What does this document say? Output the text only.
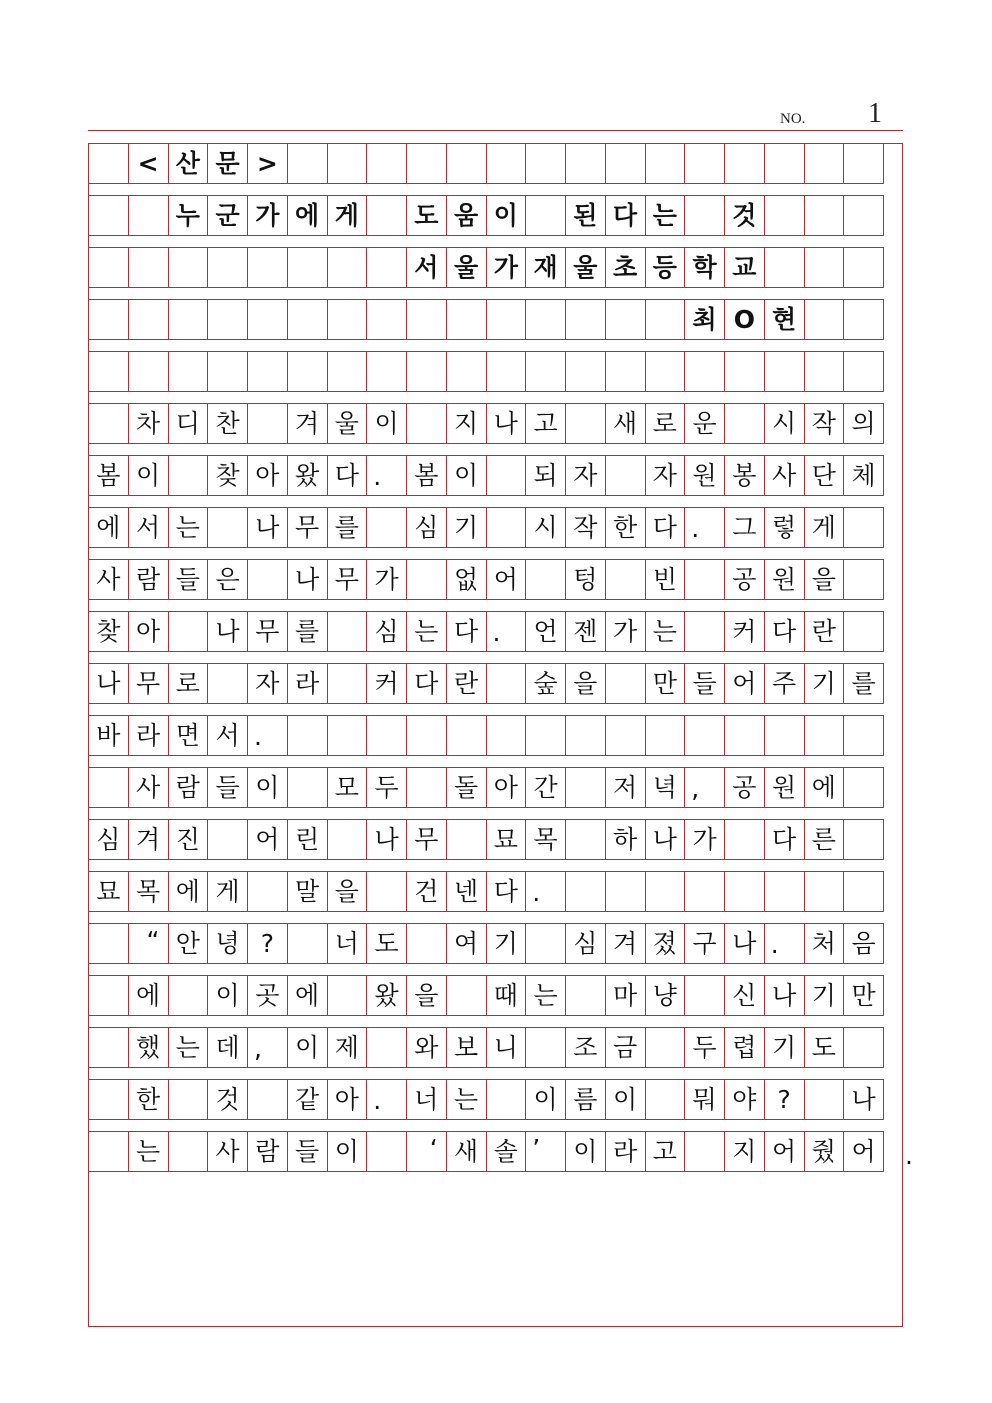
NO. 1
< 산 문 >
누 군 가 에 게	도 움 이	된 다 는	것
서 울 가 재 울 초 등 학 교
최 O 현
차 디 찬	겨 울 이	지 나 고	새 로 운	시 작 의
봄 이	찾 아 왔 다 .	봄 이	되 자	자 원 봉 사 단 체
에 서 는	나 무 를	심 기	시 작 한 다 .	그 렇 게
사 람 들 은	나 무 가	없 어	텅	빈	공 원 을
찾 아	나 무 를	심 는 다 .	언 젠 가 는	커 다 란
나 무 로	자 라	커 다 란	숲 을	만 들 어 주 기 를
바 라 면 서 .
사 람 들 이	모 두	돌 아 간	저 녁 ,	공 원 에
심 겨 진	어 린	나 무	묘 목	하 나 가	다 른
묘 목 에 게	말 을	건 넨 다 .
“ 안 녕 ?	너 도	여 기	심 겨 졌 구 나 .	처 음
에	이 곳 에	왔 을	때 는	마 냥	신 나 기 만
했 는 데 ,	이 제	와 보 니	조 금	두 렵 기 도
한	것	같 아 .	너 는	이 름 이	뭐 야 ?	나
는	사 람 들 이	‘ 새 솔 ’	이 라 고	지 어 줬 어	.
